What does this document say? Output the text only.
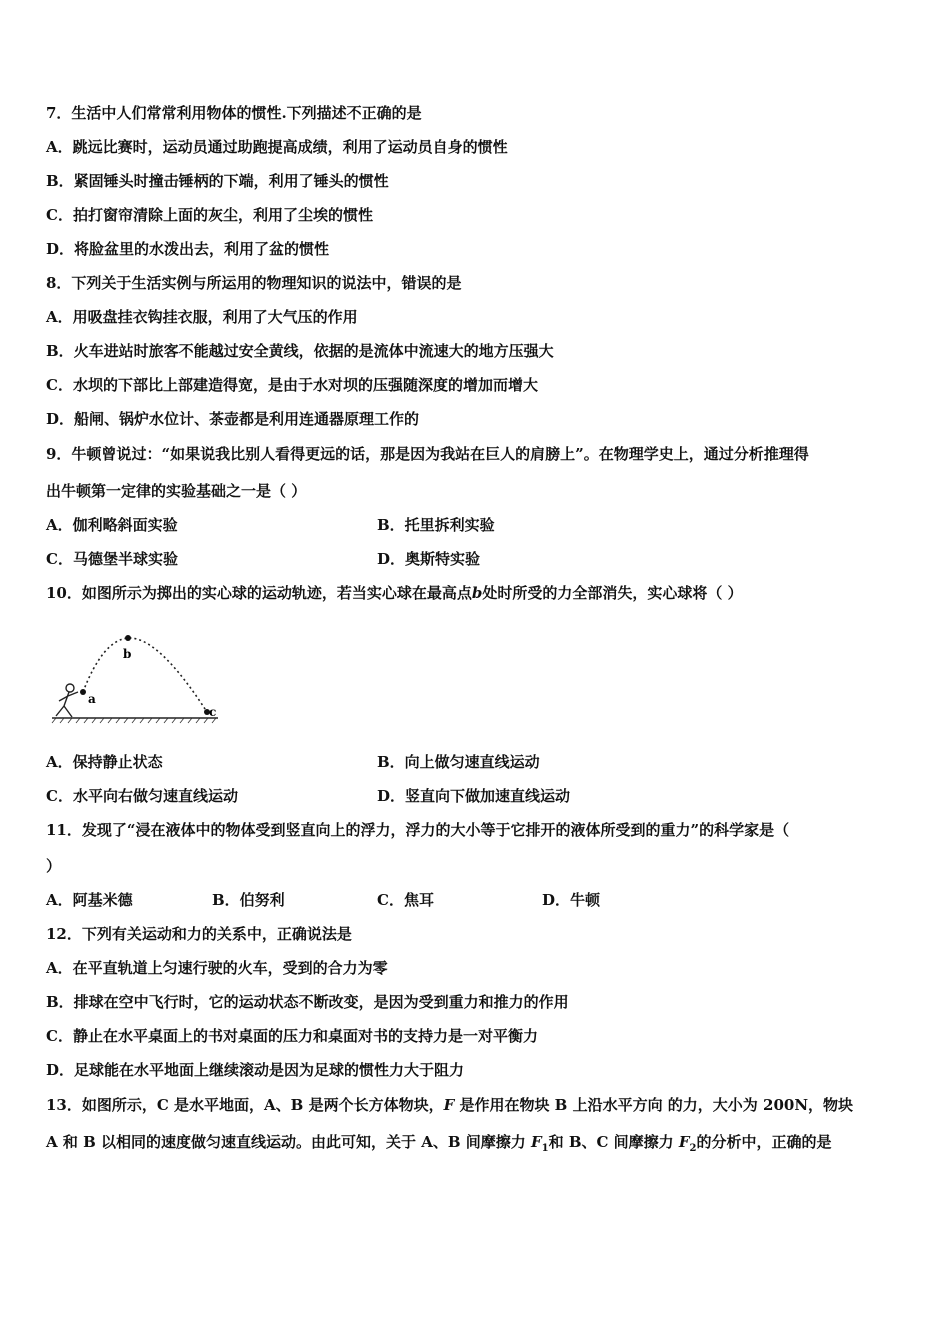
7．生活中人们常常利用物体的惯性.下列描述不正确的是
A．跳远比赛时，运动员通过助跑提高成绩，利用了运动员自身的惯性
B．紧固锤头时撞击锤柄的下端，利用了锤头的惯性
C．拍打窗帘清除上面的灰尘，利用了尘埃的惯性
D．将脸盆里的水泼出去，利用了盆的惯性
8．下列关于生活实例与所运用的物理知识的说法中，错误的是
A．用吸盘挂衣钩挂衣服，利用了大气压的作用
B．火车进站时旅客不能越过安全黄线，依据的是流体中流速大的地方压强大
C．水坝的下部比上部建造得宽，是由于水对坝的压强随深度的增加而增大
D．船闸、锅炉水位计、茶壶都是利用连通器原理工作的
9．牛顿曾说过：“如果说我比别人看得更远的话，那是因为我站在巨人的肩膀上”。在物理学史上，通过分析推理得
出牛顿第一定律的实验基础之一是（ ）
A．伽利略斜面实验	B．托里拆利实验
C．马德堡半球实验	D．奥斯特实验
10．如图所示为掷出的实心球的运动轨迹，若当实心球在最高点b处时所受的力全部消失，实心球将（ ）
a
b
c
A．保持静止状态	B．向上做匀速直线运动
C．水平向右做匀速直线运动	D．竖直向下做加速直线运动
11．发现了“浸在液体中的物体受到竖直向上的浮力，浮力的大小等于它排开的液体所受到的重力”的科学家是（
）
A．阿基米德	B．伯努利	C．焦耳	D．牛顿
12．下列有关运动和力的关系中，正确说法是
A．在平直轨道上匀速行驶的火车，受到的合力为零
B．排球在空中飞行时，它的运动状态不断改变，是因为受到重力和推力的作用
C．静止在水平桌面上的书对桌面的压力和桌面对书的支持力是一对平衡力
D．足球能在水平地面上继续滚动是因为足球的惯性力大于阻力
13．如图所示，C 是水平地面，A、B 是两个长方体物块，F 是作用在物块 B 上沿水平方向 的力，大小为 200N，物块
A 和 B 以相同的速度做匀速直线运动。由此可知，关于 A、B 间摩擦力 $F_1$和 B、C 间摩擦力 $F_2$的分析中，正确的是
